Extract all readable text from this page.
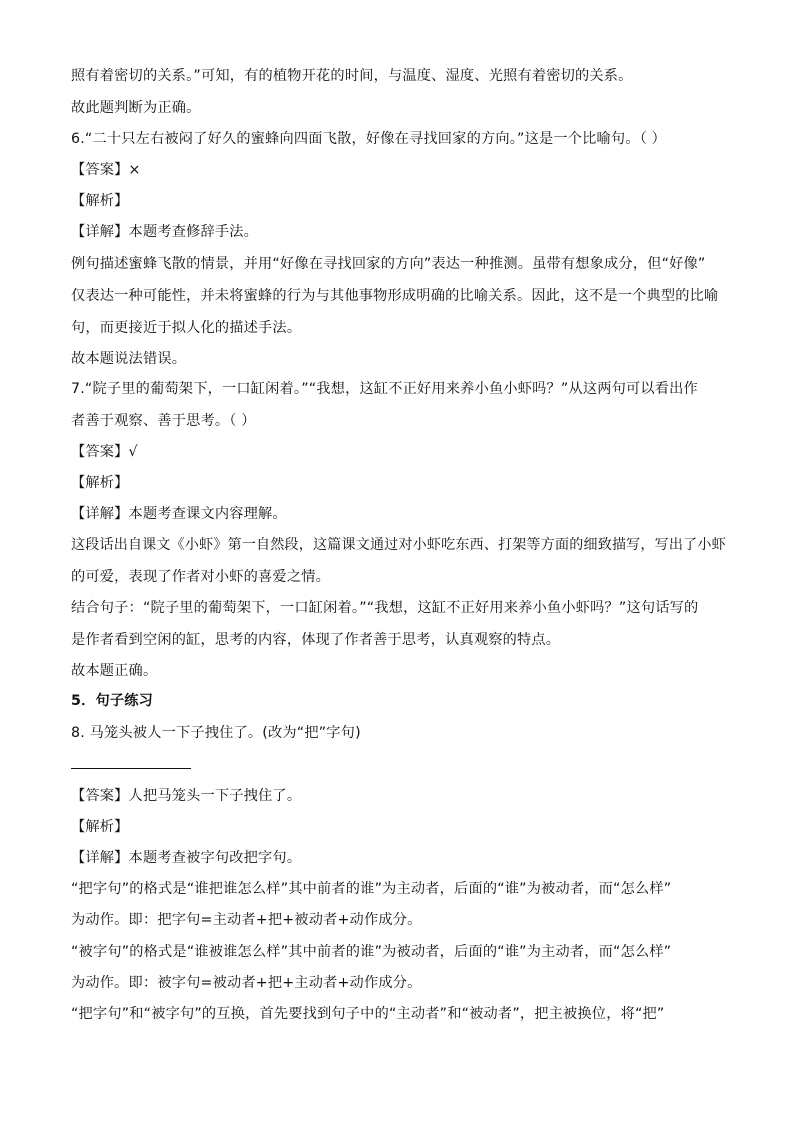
照有着密切的关系。”可知，有的植物开花的时间，与温度、湿度、光照有着密切的关系。
故此题判断为正确。
6.“二十只左右被闷了好久的蜜蜂向四面飞散，好像在寻找回家的方向。”这是一个比喻句。（ ）
【答案】×
【解析】
【详解】本题考查修辞手法。
例句描述蜜蜂飞散的情景，并用“好像在寻找回家的方向”表达一种推测。虽带有想象成分，但“好像”
仅表达一种可能性，并未将蜜蜂的行为与其他事物形成明确的比喻关系。因此，这不是一个典型的比喻
句，而更接近于拟人化的描述手法。
故本题说法错误。
7.“院子里的葡萄架下，一口缸闲着。”“我想，这缸不正好用来养小鱼小虾吗？”从这两句可以看出作
者善于观察、善于思考。（ ）
【答案】√
【解析】
【详解】本题考查课文内容理解。
这段话出自课文《小虾》第一自然段，这篇课文通过对小虾吃东西、打架等方面的细致描写，写出了小虾
的可爱，表现了作者对小虾的喜爱之情。
结合句子：“院子里的葡萄架下，一口缸闲着。”“我想，这缸不正好用来养小鱼小虾吗？”这句话写的
是作者看到空闲的缸，思考的内容，体现了作者善于思考，认真观察的特点。
故本题正确。
5．句子练习
8. 马笼头被人一下子拽住了。(改为“把”字句)
【答案】人把马笼头一下子拽住了。
【解析】
【详解】本题考查被字句改把字句。
“把字句”的格式是“谁把谁怎么样”其中前者的谁”为主动者，后面的“谁”为被动者，而“怎么样”
为动作。即：把字句=主动者+把+被动者+动作成分。
“被字句”的格式是“谁被谁怎么样”其中前者的谁”为被动者，后面的“谁”为主动者，而“怎么样”
为动作。即：被字句=被动者+把+主动者+动作成分。
“把字句”和“被字句”的互换，首先要找到句子中的“主动者”和“被动者”，把主被换位，将“把”
